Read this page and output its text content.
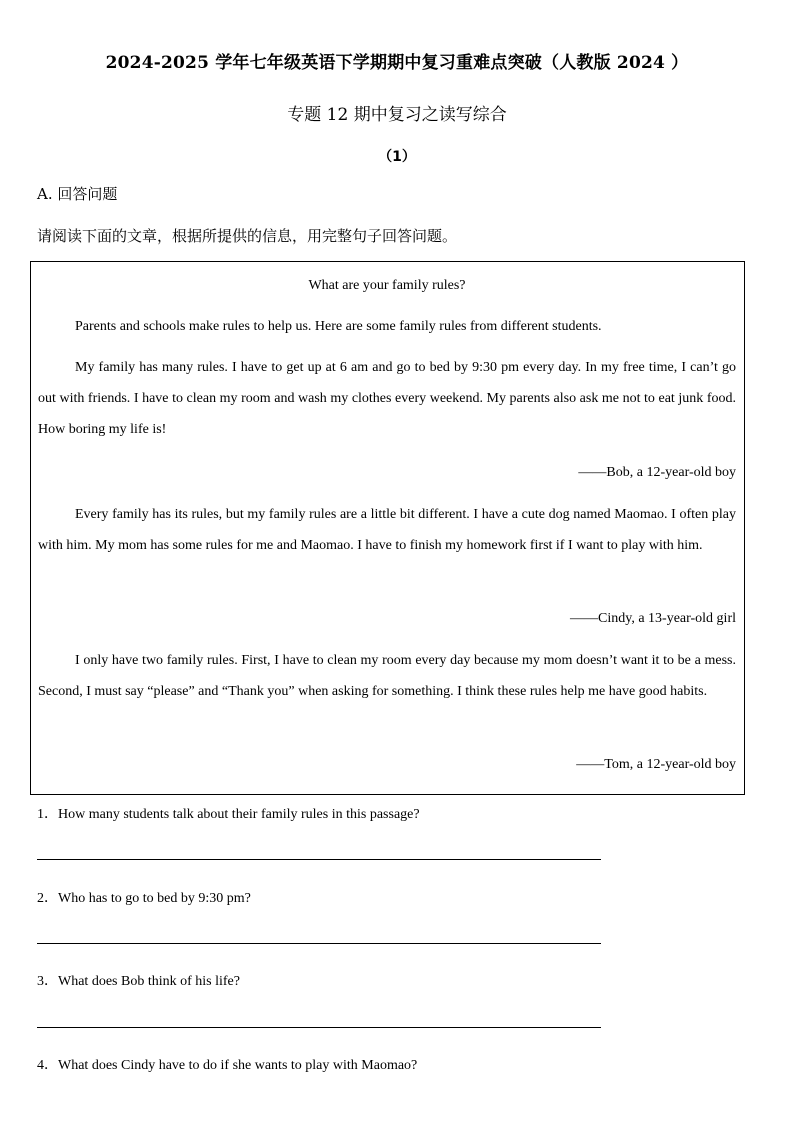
2024-2025 学年七年级英语下学期期中复习重难点突破（人教版 2024 ）
专题 12 期中复习之读写综合
（1）
A. 回答问题
请阅读下面的文章，根据所提供的信息，用完整句子回答问题。
What are your family rules?
Parents and schools make rules to help us. Here are some family rules from different students.
My family has many rules. I have to get up at 6 am and go to bed by 9:30 pm every day. In my free time, I can’t go out with friends. I have to clean my room and wash my clothes every weekend. My parents also ask me not to eat junk food. How boring my life is!
——Bob, a 12-year-old boy
Every family has its rules, but my family rules are a little bit different. I have a cute dog named Maomao. I often play with him. My mom has some rules for me and Maomao. I have to finish my homework first if I want to play with him.
——Cindy, a 13-year-old girl
I only have two family rules. First, I have to clean my room every day because my mom doesn’t want it to be a mess. Second, I must say “please” and “Thank you” when asking for something. I think these rules help me have good habits.
——Tom, a 12-year-old boy
1．How many students talk about their family rules in this passage?
2．Who has to go to bed by 9:30 pm?
3．What does Bob think of his life?
4．What does Cindy have to do if she wants to play with Maomao?
